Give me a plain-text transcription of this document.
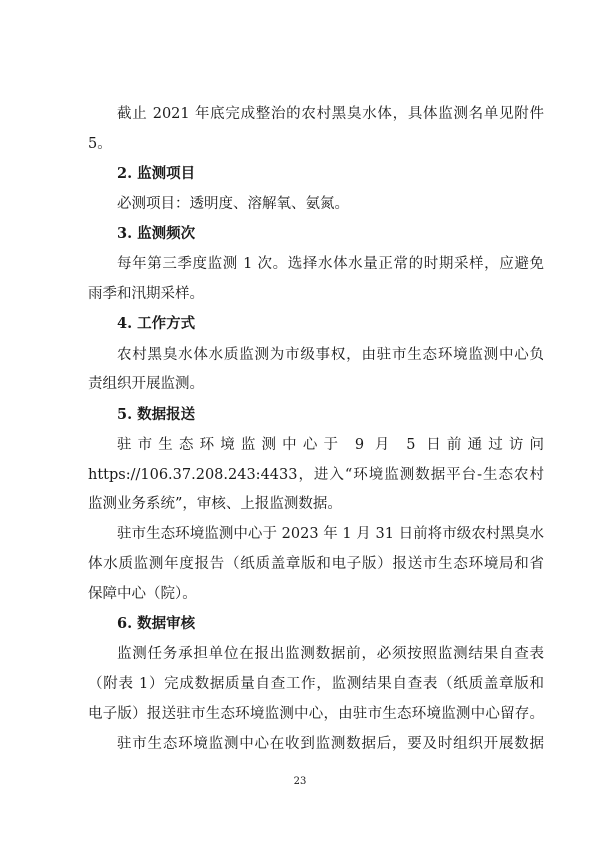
截止 2021 年底完成整治的农村黑臭水体，具体监测名单见附件
5。
2. 监测项目
必测项目：透明度、溶解氧、氨氮。
3. 监测频次
每年第三季度监测 1 次。选择水体水量正常的时期采样，应避免
雨季和汛期采样。
4. 工作方式
农村黑臭水体水质监测为市级事权，由驻市生态环境监测中心负
责组织开展监测。
5. 数据报送
驻市生态环境监测中心于 9 月 5 日前通过访问
https://106.37.208.243:4433，进入“环境监测数据平台-生态农村
监测业务系统”，审核、上报监测数据。
驻市生态环境监测中心于 2023 年 1 月 31 日前将市级农村黑臭水
体水质监测年度报告（纸质盖章版和电子版）报送市生态环境局和省
保障中心（院）。
6. 数据审核
监测任务承担单位在报出监测数据前，必须按照监测结果自查表
（附表 1）完成数据质量自查工作，监测结果自查表（纸质盖章版和
电子版）报送驻市生态环境监测中心，由驻市生态环境监测中心留存。
驻市生态环境监测中心在收到监测数据后，要及时组织开展数据
23
